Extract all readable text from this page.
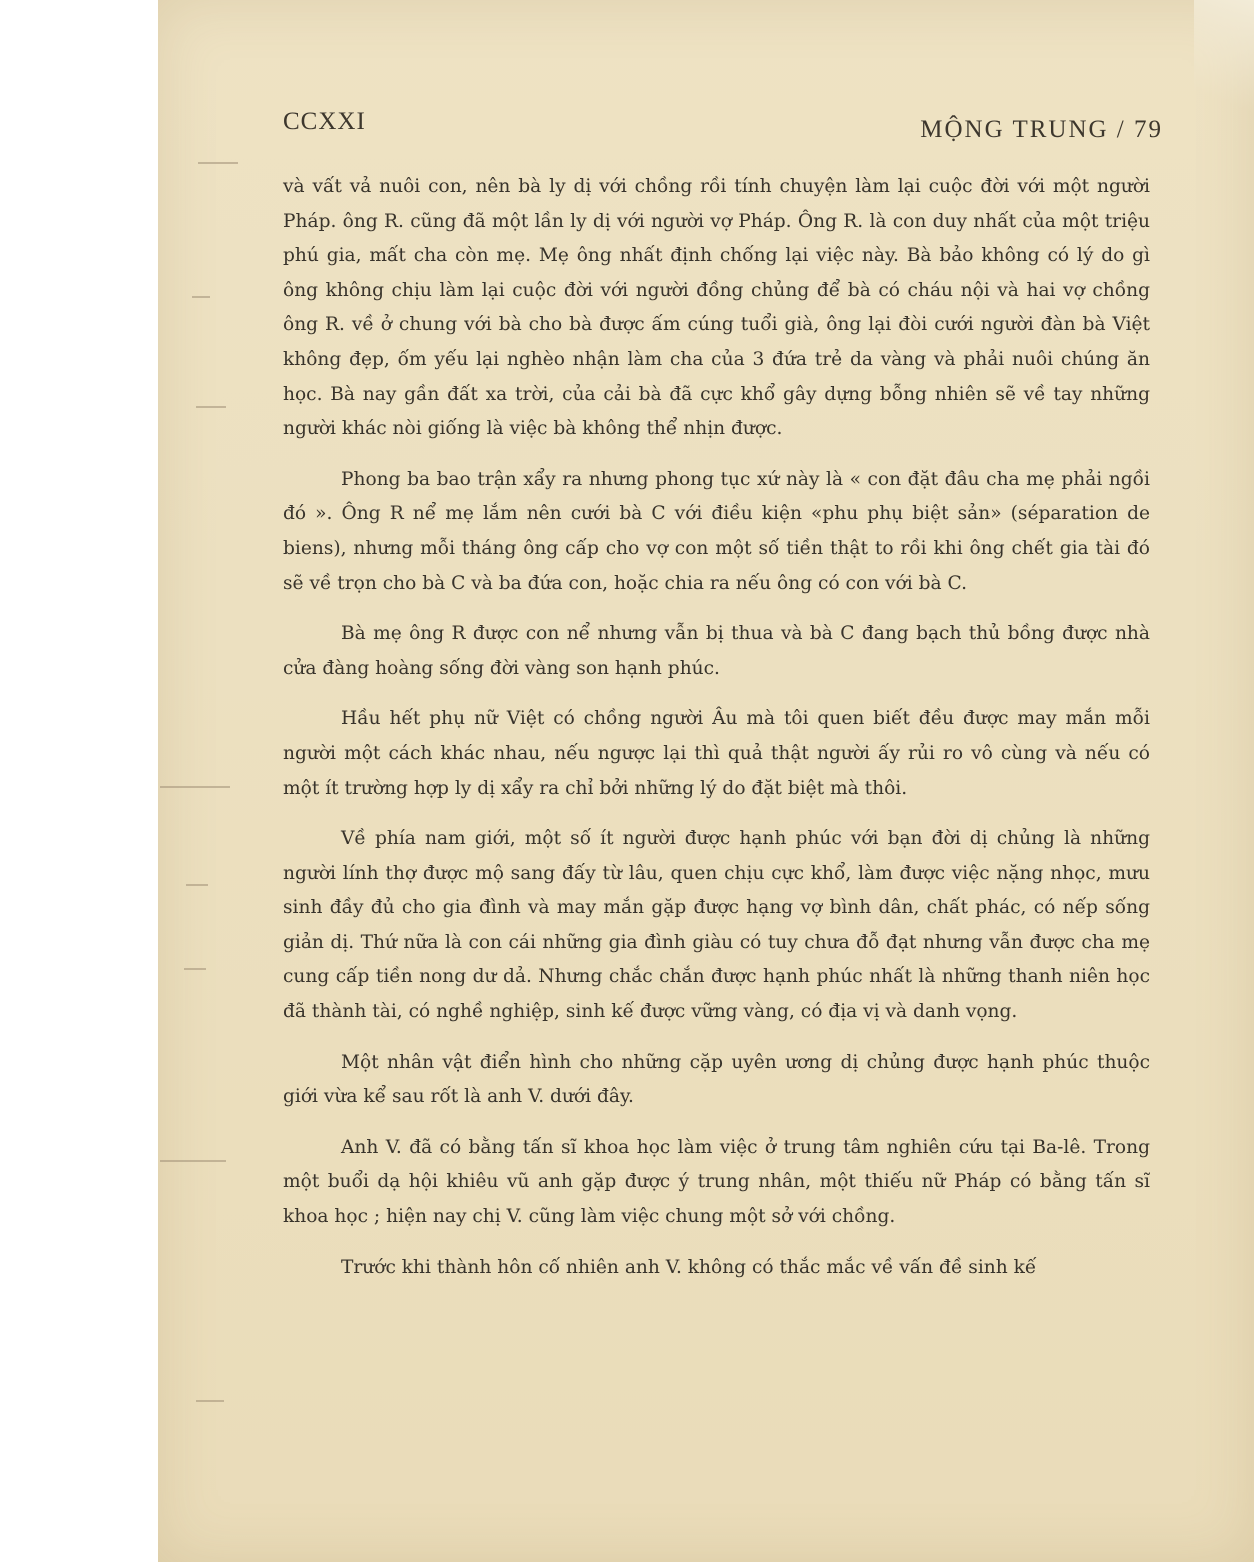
CCXXI	MỘNG TRUNG / 79

và vất vả nuôi con, nên bà ly dị với chồng rồi tính chuyện làm lại cuộc đời với một người Pháp. ông R. cũng đã một lần ly dị với người vợ Pháp. Ông R. là con duy nhất của một triệu phú gia, mất cha còn mẹ. Mẹ ông nhất định chống lại việc này. Bà bảo không có lý do gì ông không chịu làm lại cuộc đời với người đồng chủng để bà có cháu nội và hai vợ chồng ông R. về ở chung với bà cho bà được ấm cúng tuổi già, ông lại đòi cưới người đàn bà Việt không đẹp, ốm yếu lại nghèo nhận làm cha của 3 đứa trẻ da vàng và phải nuôi chúng ăn học. Bà nay gần đất xa trời, của cải bà đã cực khổ gây dựng bỗng nhiên sẽ về tay những người khác nòi giống là việc bà không thể nhịn được.

Phong ba bao trận xẩy ra nhưng phong tục xứ này là « con đặt đâu cha mẹ phải ngồi đó ». Ông R nể mẹ lắm nên cưới bà C với điều kiện «phu phụ biệt sản» (séparation de biens), nhưng mỗi tháng ông cấp cho vợ con một số tiền thật to rồi khi ông chết gia tài đó sẽ về trọn cho bà C và ba đứa con, hoặc chia ra nếu ông có con với bà C.

Bà mẹ ông R được con nể nhưng vẫn bị thua và bà C đang bạch thủ bồng được nhà cửa đàng hoàng sống đời vàng son hạnh phúc.

Hầu hết phụ nữ Việt có chồng người Âu mà tôi quen biết đều được may mắn mỗi người một cách khác nhau, nếu ngược lại thì quả thật người ấy rủi ro vô cùng và nếu có một ít trường hợp ly dị xẩy ra chỉ bởi những lý do đặt biệt mà thôi.

Về phía nam giới, một số ít người được hạnh phúc với bạn đời dị chủng là những người lính thợ được mộ sang đấy từ lâu, quen chịu cực khổ, làm được việc nặng nhọc, mưu sinh đầy đủ cho gia đình và may mắn gặp được hạng vợ bình dân, chất phác, có nếp sống giản dị. Thứ nữa là con cái những gia đình giàu có tuy chưa đỗ đạt nhưng vẫn được cha mẹ cung cấp tiền nong dư dả. Nhưng chắc chắn được hạnh phúc nhất là những thanh niên học đã thành tài, có nghề nghiệp, sinh kế được vững vàng, có địa vị và danh vọng.

Một nhân vật điển hình cho những cặp uyên ương dị chủng được hạnh phúc thuộc giới vừa kể sau rốt là anh V. dưới đây.

Anh V. đã có bằng tấn sĩ khoa học làm việc ở trung tâm nghiên cứu tại Ba-lê. Trong một buổi dạ hội khiêu vũ anh gặp được ý trung nhân, một thiếu nữ Pháp có bằng tấn sĩ khoa học ; hiện nay chị V. cũng làm việc chung một sở với chồng.

Trước khi thành hôn cố nhiên anh V. không có thắc mắc về vấn đề sinh kế
